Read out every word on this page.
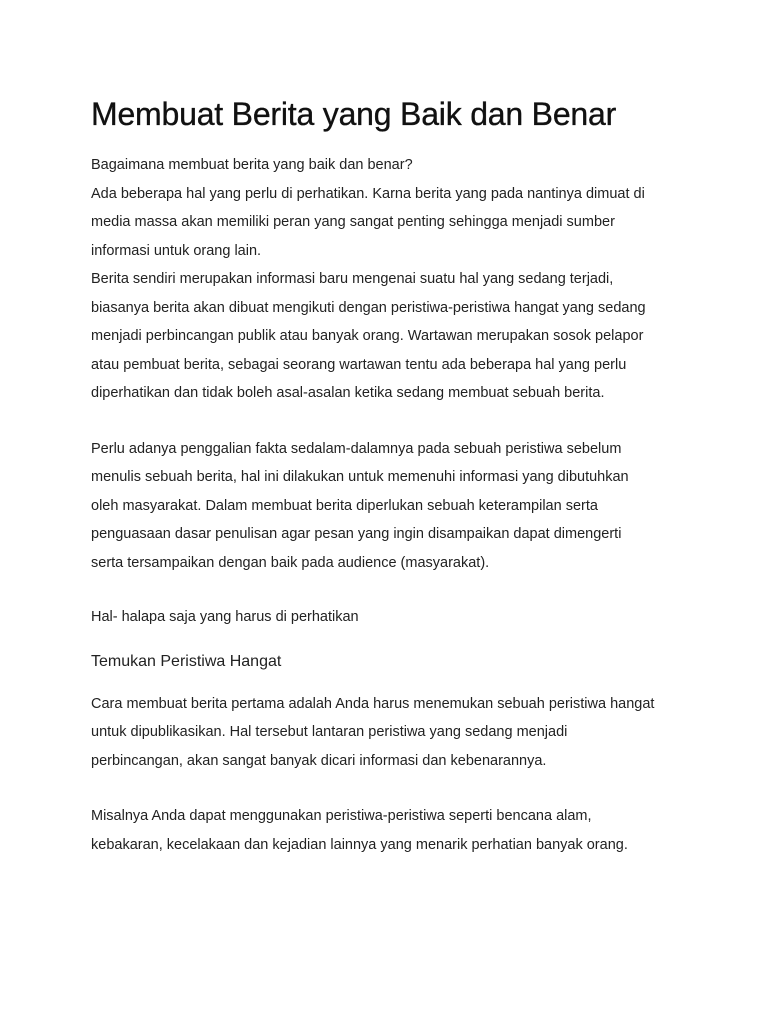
Membuat Berita yang Baik dan Benar
Bagaimana membuat berita yang baik dan benar?
Ada beberapa hal yang perlu di perhatikan. Karna berita yang pada nantinya dimuat di
media massa akan memiliki peran yang sangat penting sehingga menjadi sumber
informasi untuk orang lain.
Berita sendiri merupakan informasi baru mengenai suatu hal yang sedang terjadi,
biasanya berita akan dibuat mengikuti dengan peristiwa-peristiwa hangat yang sedang
menjadi perbincangan publik atau banyak orang. Wartawan merupakan sosok pelapor
atau pembuat berita, sebagai seorang wartawan tentu ada beberapa hal yang perlu
diperhatikan dan tidak boleh asal-asalan ketika sedang membuat sebuah berita.
Perlu adanya penggalian fakta sedalam-dalamnya pada sebuah peristiwa sebelum
menulis sebuah berita, hal ini dilakukan untuk memenuhi informasi yang dibutuhkan
oleh masyarakat. Dalam membuat berita diperlukan sebuah keterampilan serta
penguasaan dasar penulisan agar pesan yang ingin disampaikan dapat dimengerti
serta tersampaikan dengan baik pada audience (masyarakat).
Hal- halapa saja yang harus di perhatikan
Temukan Peristiwa Hangat
Cara membuat berita pertama adalah Anda harus menemukan sebuah peristiwa hangat
untuk dipublikasikan. Hal tersebut lantaran peristiwa yang sedang menjadi
perbincangan, akan sangat banyak dicari informasi dan kebenarannya.
Misalnya Anda dapat menggunakan peristiwa-peristiwa seperti bencana alam,
kebakaran, kecelakaan dan kejadian lainnya yang menarik perhatian banyak orang.
